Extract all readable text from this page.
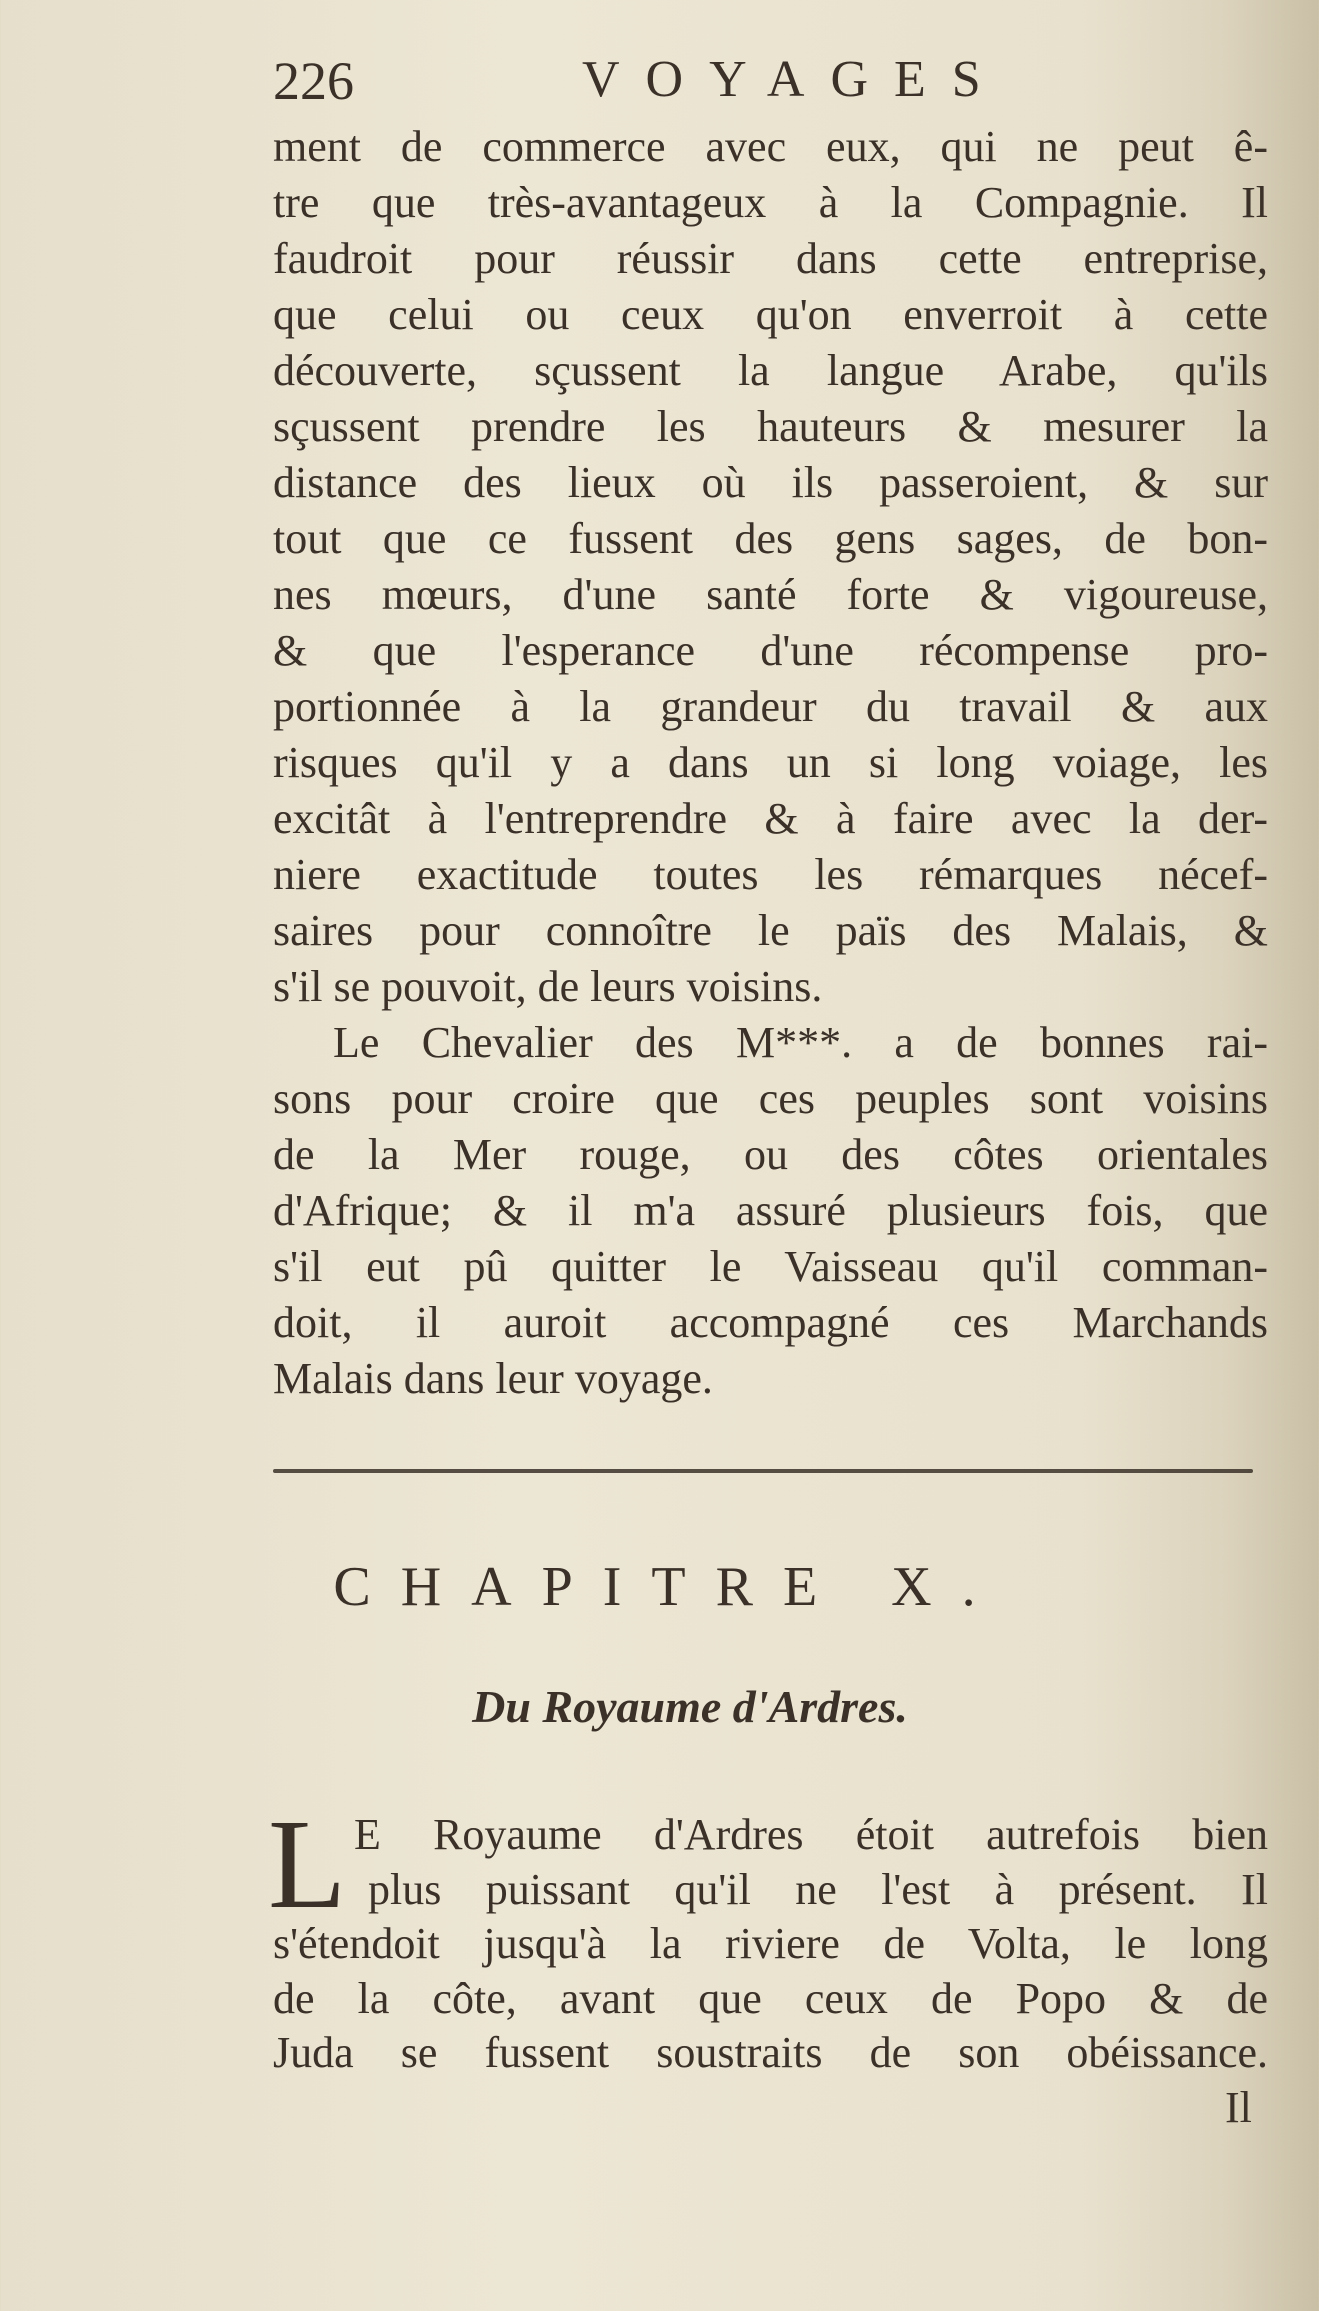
226	VOYAGES
ment de commerce avec eux, qui ne peut ê-
tre que très-avantageux à la Compagnie. Il
faudroit pour réussir dans cette entreprise,
que celui ou ceux qu'on enverroit à cette
découverte, sçussent la langue Arabe, qu'ils
sçussent prendre les hauteurs & mesurer la
distance des lieux où ils passeroient, & sur
tout que ce fussent des gens sages, de bon-
nes mœurs, d'une santé forte & vigoureuse,
& que l'esperance d'une récompense pro-
portionnée à la grandeur du travail & aux
risques qu'il y a dans un si long voiage, les
excitât à l'entreprendre & à faire avec la der-
niere exactitude toutes les rémarques nécef-
saires pour connoître le païs des Malais, &
s'il se pouvoit, de leurs voisins.
Le Chevalier des M***. a de bonnes rai-
sons pour croire que ces peuples sont voisins
de la Mer rouge, ou des côtes orientales
d'Afrique; & il m'a assuré plusieurs fois, que
s'il eut pû quitter le Vaisseau qu'il comman-
doit, il auroit accompagné ces Marchands
Malais dans leur voyage.
CHAPITRE X.
Du Royaume d'Ardres.
L E Royaume d'Ardres étoit autrefois bien
plus puissant qu'il ne l'est à présent. Il
s'étendoit jusqu'à la riviere de Volta, le long
de la côte, avant que ceux de Popo & de
Juda se fussent soustraits de son obéissance.
Il
